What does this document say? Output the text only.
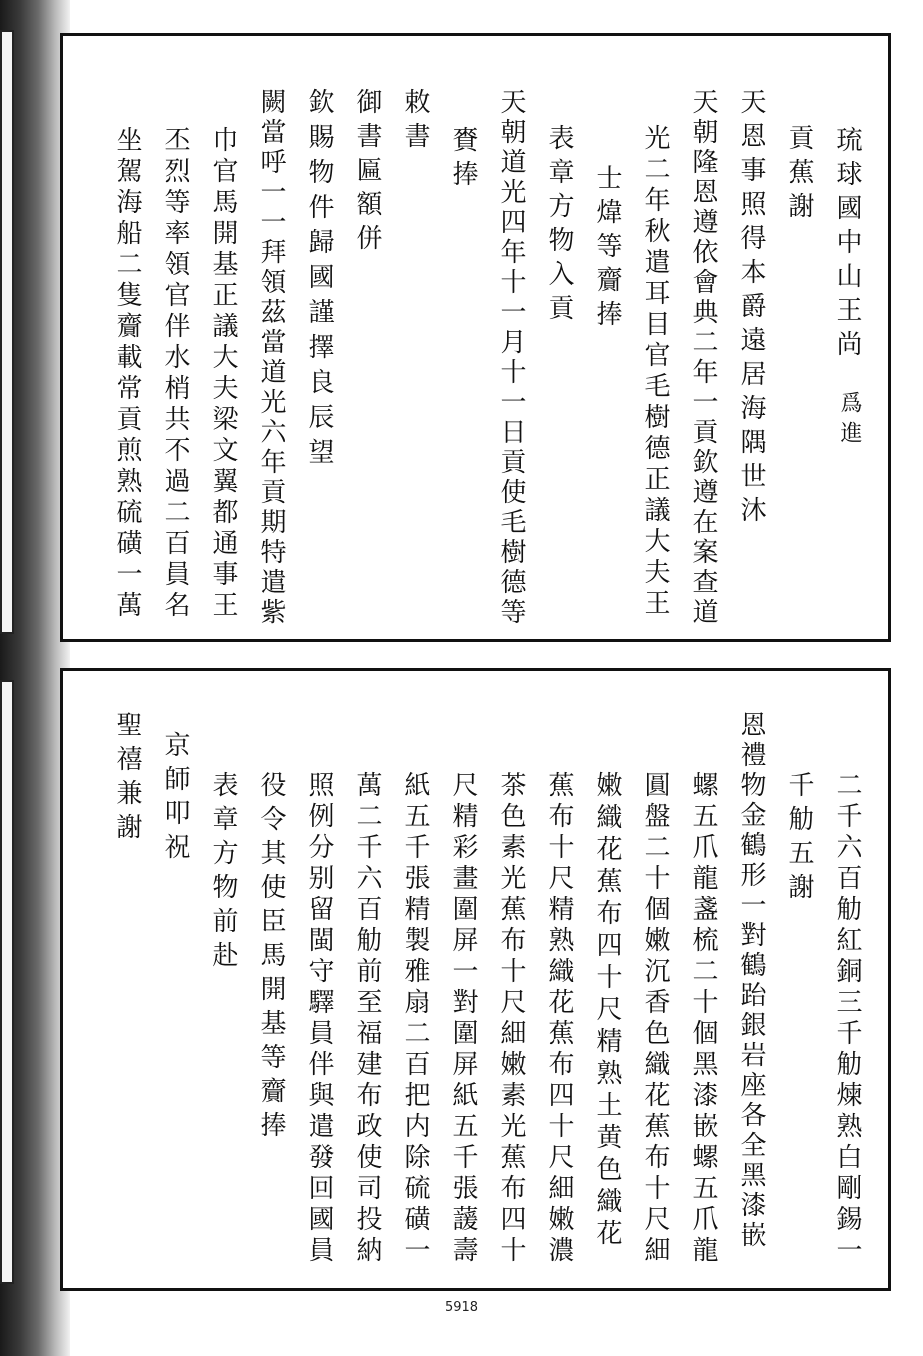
琉球國中山王尚
爲進
貢蕉謝
天恩事照得本爵遠居海隅世沐
天朝隆恩遵依會典二年一貢欽遵在案查道
光二年秋遣耳目官毛樹德正議大夫王
士煒等齎捧
表章方物入貢
天朝道光四年十一月十一日貢使毛樹德等
賚捧
敕書
御書匾額併
欽賜物件歸國謹擇良辰望
闕當呼一一拜領茲當道光六年貢期特遣紫
巾官馬開基正議大夫梁文翼都通事王
丕烈等率領官伴水梢共不過二百員名
坐駕海船二隻齎載常貢煎熟硫磺一萬
二千六百觔紅銅三千觔煉熟白剛錫一
千觔五謝
恩禮物金鶴形一對鶴跆銀岩座各全黑漆嵌
螺五爪龍盞梳二十個黑漆嵌螺五爪龍
圓盤二十個嫩沉香色織花蕉布十尺細
嫩織花蕉布四十尺精熟土黄色織花
蕉布十尺精熟織花蕉布四十尺細嫩濃
茶色素光蕉布十尺細嫩素光蕉布四十
尺精彩畫圍屏一對圍屏紙五千張蘐壽
紙五千張精製雅扇二百把内除硫磺一
萬二千六百觔前至福建布政使司投納
照例分别留閩守驛員伴與遣發回國員
役令其使臣馬開基等齎捧
表章方物前赴
京師叩祝
聖禧兼謝
5918
